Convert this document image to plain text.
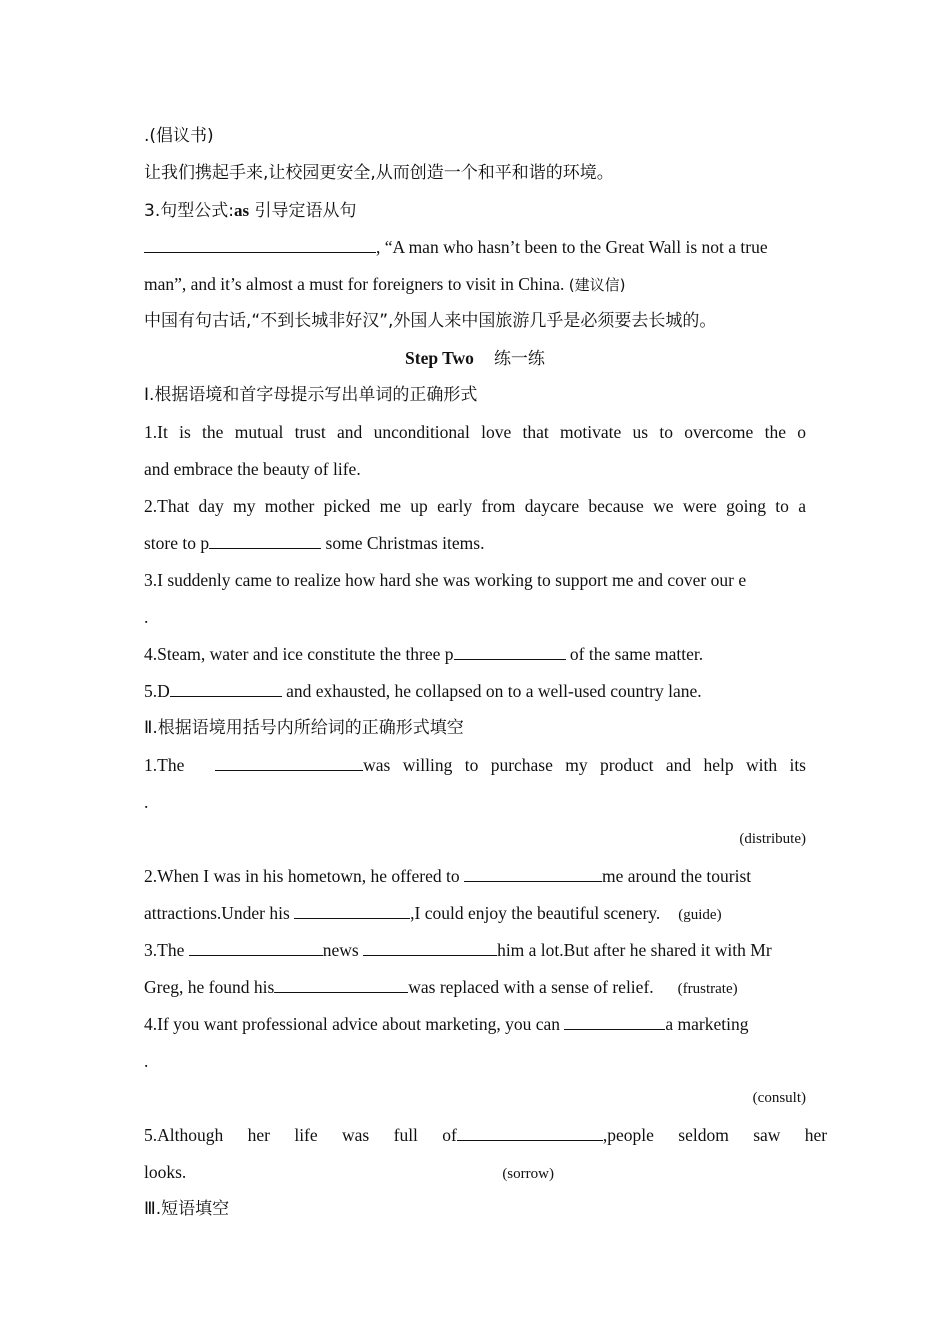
.(倡议书)
让我们携起手来,让校园更安全,从而创造一个和平和谐的环境。
3.句型公式:as 引导定语从句
, “A man who hasn’t been to the Great Wall is not a true
man”, and it’s almost a must for foreigners to visit in China. (建议信)
中国有句古话,“不到长城非好汉”,外国人来中国旅游几乎是必须要去长城的。
Step Two 练一练
Ⅰ.根据语境和首字母提示写出单词的正确形式
1.It is the mutual trust and unconditional love that motivate us to overcome the o
and embrace the beauty of life.
2.That day my mother picked me up early from daycare because we were going to a
store to p	some Christmas items.
3.I suddenly came to realize how hard she was working to support me and cover our e
.
4.Steam, water and ice constitute the three p	of the same matter.
5.D	and exhausted, he collapsed on to a well-used country lane.
Ⅱ.根据语境用括号内所给词的正确形式填空
1.The	was willing to purchase my product and help with its
.
(distribute)
2.When I was in his hometown, he offered to	me around the tourist
attractions.Under his	,I could enjoy the beautiful scenery. (guide)
3.The	news	him a lot.But after he shared it with Mr
Greg, he found his	was replaced with a sense of relief. (frustrate)
4.If you want professional advice about marketing, you can	a marketing
.
(consult)
5.Although her life was full of	,people seldom saw her
looks.	(sorrow)
Ⅲ.短语填空
